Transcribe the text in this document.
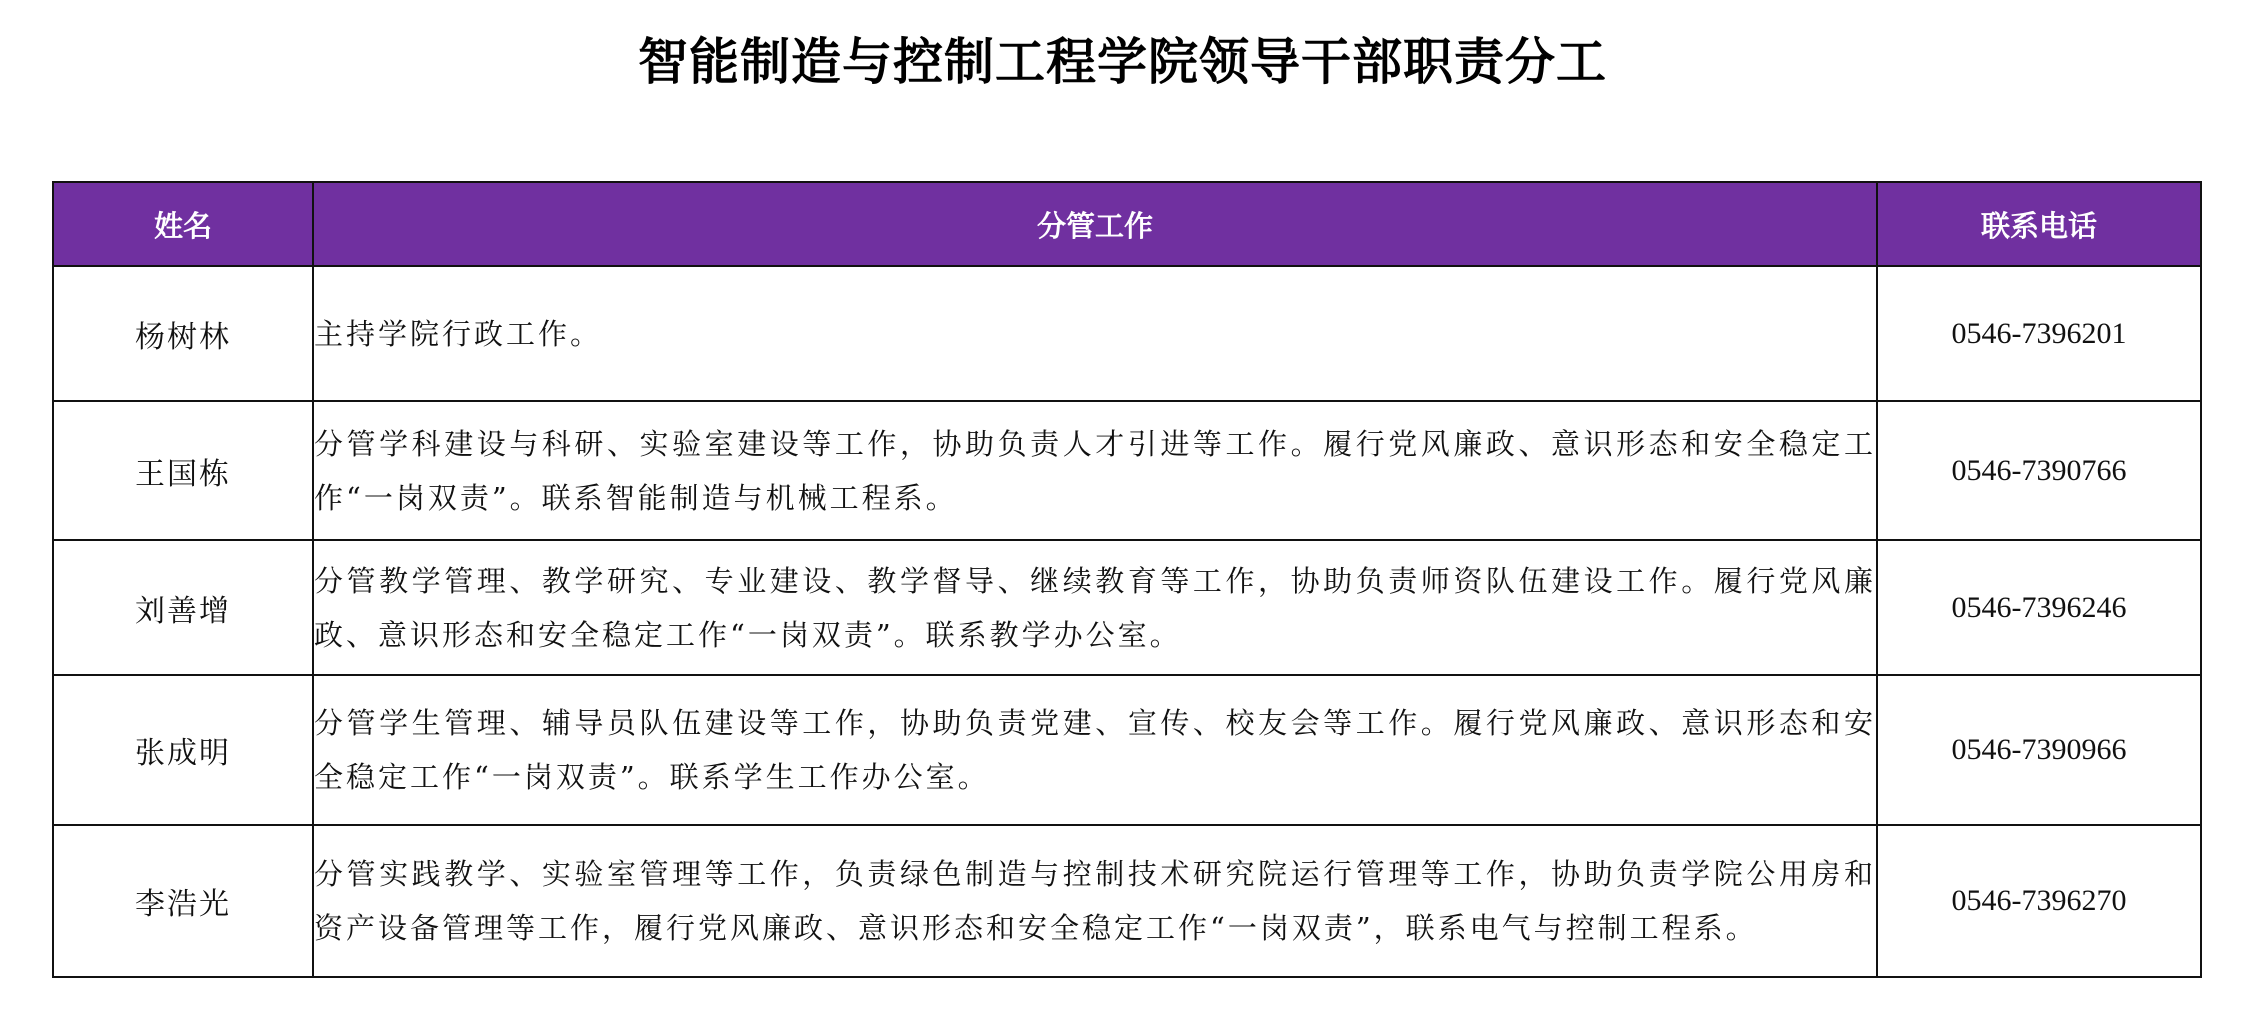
智能制造与控制工程学院领导干部职责分工
姓名	分管工作	联系电话
杨树林	主持学院行政工作。	0546-7396201
王国栋	分管学科建设与科研、实验室建设等工作，协助负责人才引进等工作。履行党风廉政、意识形态和安全稳定工作“一岗双责”。联系智能制造与机械工程系。	0546-7390766
刘善增	分管教学管理、教学研究、专业建设、教学督导、继续教育等工作，协助负责师资队伍建设工作。履行党风廉政、意识形态和安全稳定工作“一岗双责”。联系教学办公室。	0546-7396246
张成明	分管学生管理、辅导员队伍建设等工作，协助负责党建、宣传、校友会等工作。履行党风廉政、意识形态和安全稳定工作“一岗双责”。联系学生工作办公室。	0546-7390966
李浩光	分管实践教学、实验室管理等工作，负责绿色制造与控制技术研究院运行管理等工作，协助负责学院公用房和资产设备管理等工作，履行党风廉政、意识形态和安全稳定工作“一岗双责”，联系电气与控制工程系。	0546-7396270
